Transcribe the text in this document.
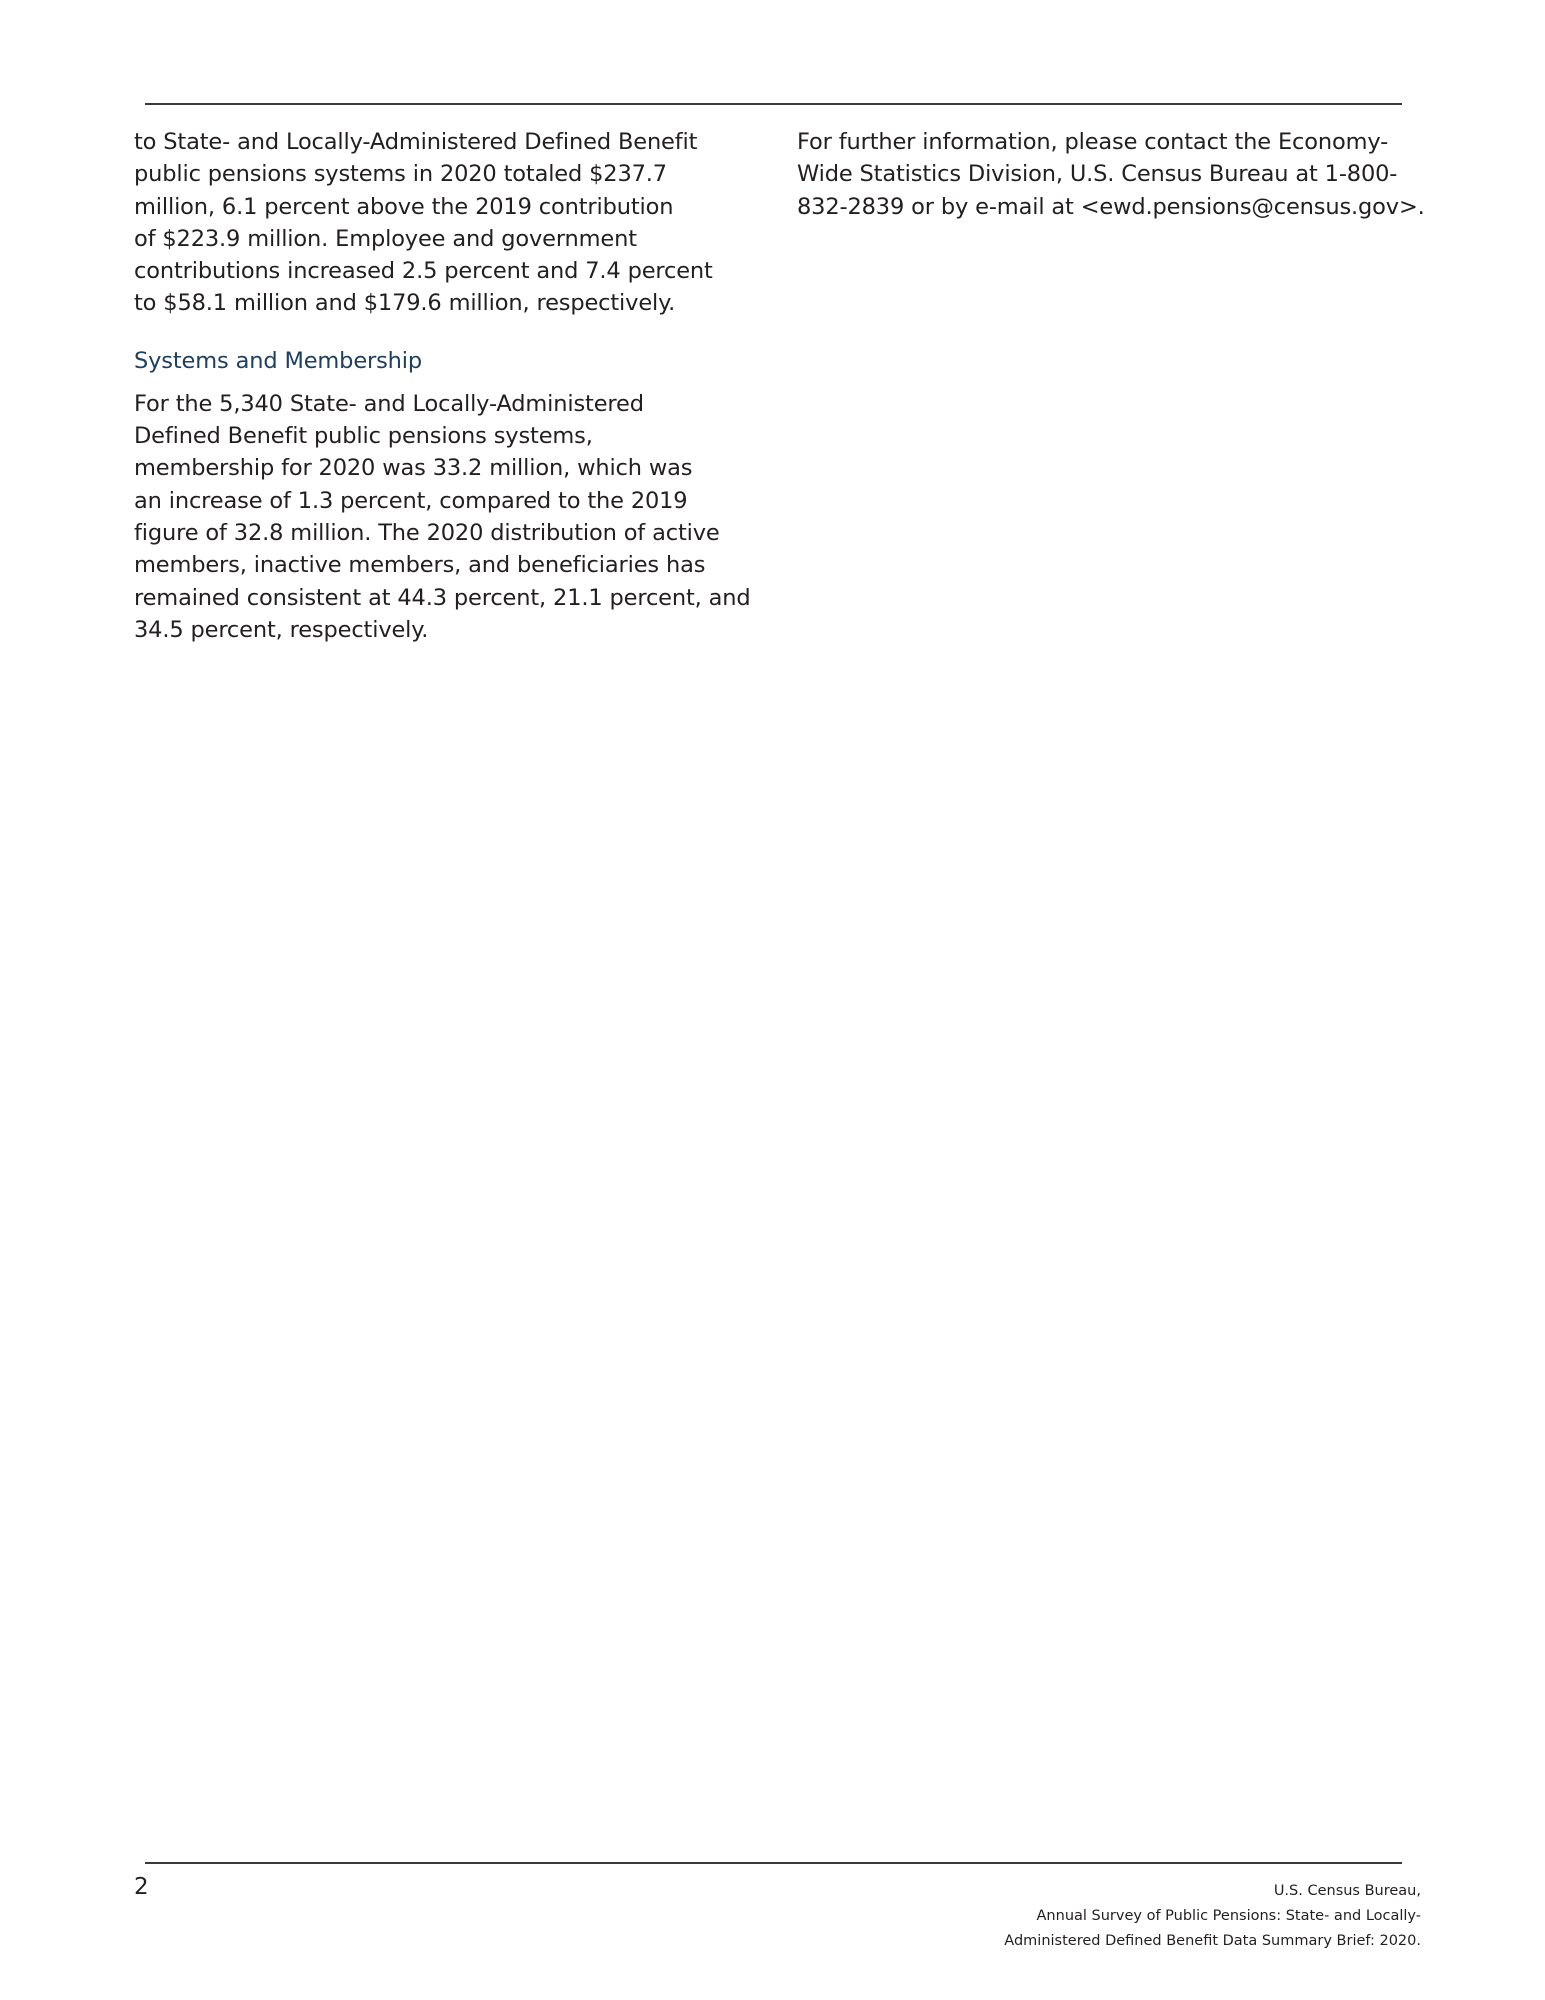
to State- and Locally-Administered Defined Benefit
public pensions systems in 2020 totaled $237.7
million, 6.1 percent above the 2019 contribution
of $223.9 million. Employee and government
contributions increased 2.5 percent and 7.4 percent
to $58.1 million and $179.6 million, respectively.
Systems and Membership
For the 5,340 State- and Locally-Administered
Defined Benefit public pensions systems,
membership for 2020 was 33.2 million, which was
an increase of 1.3 percent, compared to the 2019
figure of 32.8 million. The 2020 distribution of active
members, inactive members, and beneficiaries has
remained consistent at 44.3 percent, 21.1 percent, and
34.5 percent, respectively.
For further information, please contact the Economy-
Wide Statistics Division, U.S. Census Bureau at 1-800-
832-2839 or by e-mail at <ewd.pensions@census.gov>.
2	U.S. Census Bureau,
Annual Survey of Public Pensions: State- and Locally-
Administered Defined Benefit Data Summary Brief: 2020.
